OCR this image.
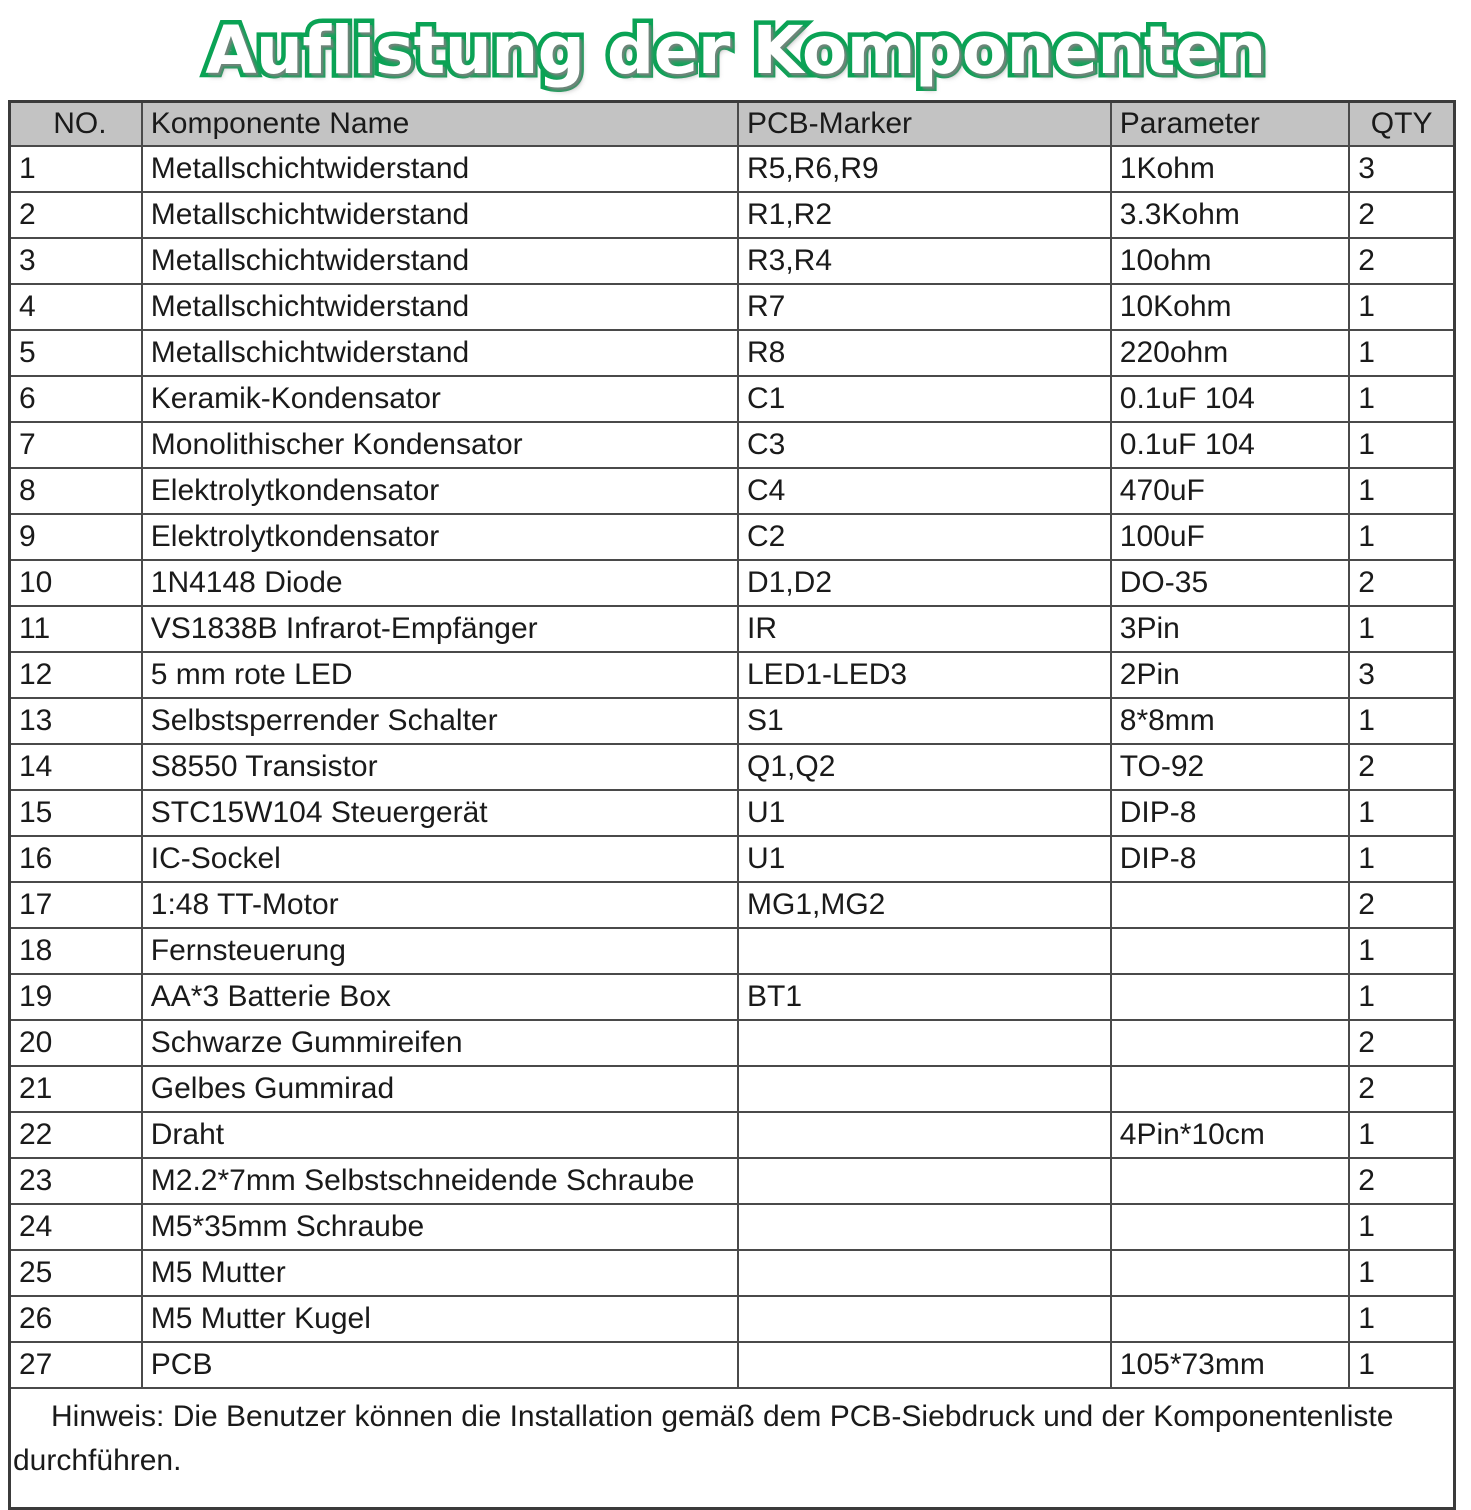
Auflistung der Komponenten
NO.	Komponente Name	PCB-Marker	Parameter	QTY
1	Metallschichtwiderstand	R5,R6,R9	1Kohm	3
2	Metallschichtwiderstand	R1,R2	3.3Kohm	2
3	Metallschichtwiderstand	R3,R4	10ohm	2
4	Metallschichtwiderstand	R7	10Kohm	1
5	Metallschichtwiderstand	R8	220ohm	1
6	Keramik-Kondensator	C1	0.1uF 104	1
7	Monolithischer Kondensator	C3	0.1uF 104	1
8	Elektrolytkondensator	C4	470uF	1
9	Elektrolytkondensator	C2	100uF	1
10	1N4148 Diode	D1,D2	DO-35	2
11	VS1838B Infrarot-Empfänger	IR	3Pin	1
12	5 mm rote LED	LED1-LED3	2Pin	3
13	Selbstsperrender Schalter	S1	8*8mm	1
14	S8550 Transistor	Q1,Q2	TO-92	2
15	STC15W104 Steuergerät	U1	DIP-8	1
16	IC-Sockel	U1	DIP-8	1
17	1:48 TT-Motor	MG1,MG2		2
18	Fernsteuerung			1
19	AA*3 Batterie Box	BT1		1
20	Schwarze Gummireifen			2
21	Gelbes Gummirad			2
22	Draht		4Pin*10cm	1
23	M2.2*7mm Selbstschneidende Schraube			2
24	M5*35mm Schraube			1
25	M5 Mutter			1
26	M5 Mutter Kugel			1
27	PCB		105*73mm	1

Hinweis: Die Benutzer können die Installation gemäß dem PCB-Siebdruck und der Komponentenliste durchführen.				
